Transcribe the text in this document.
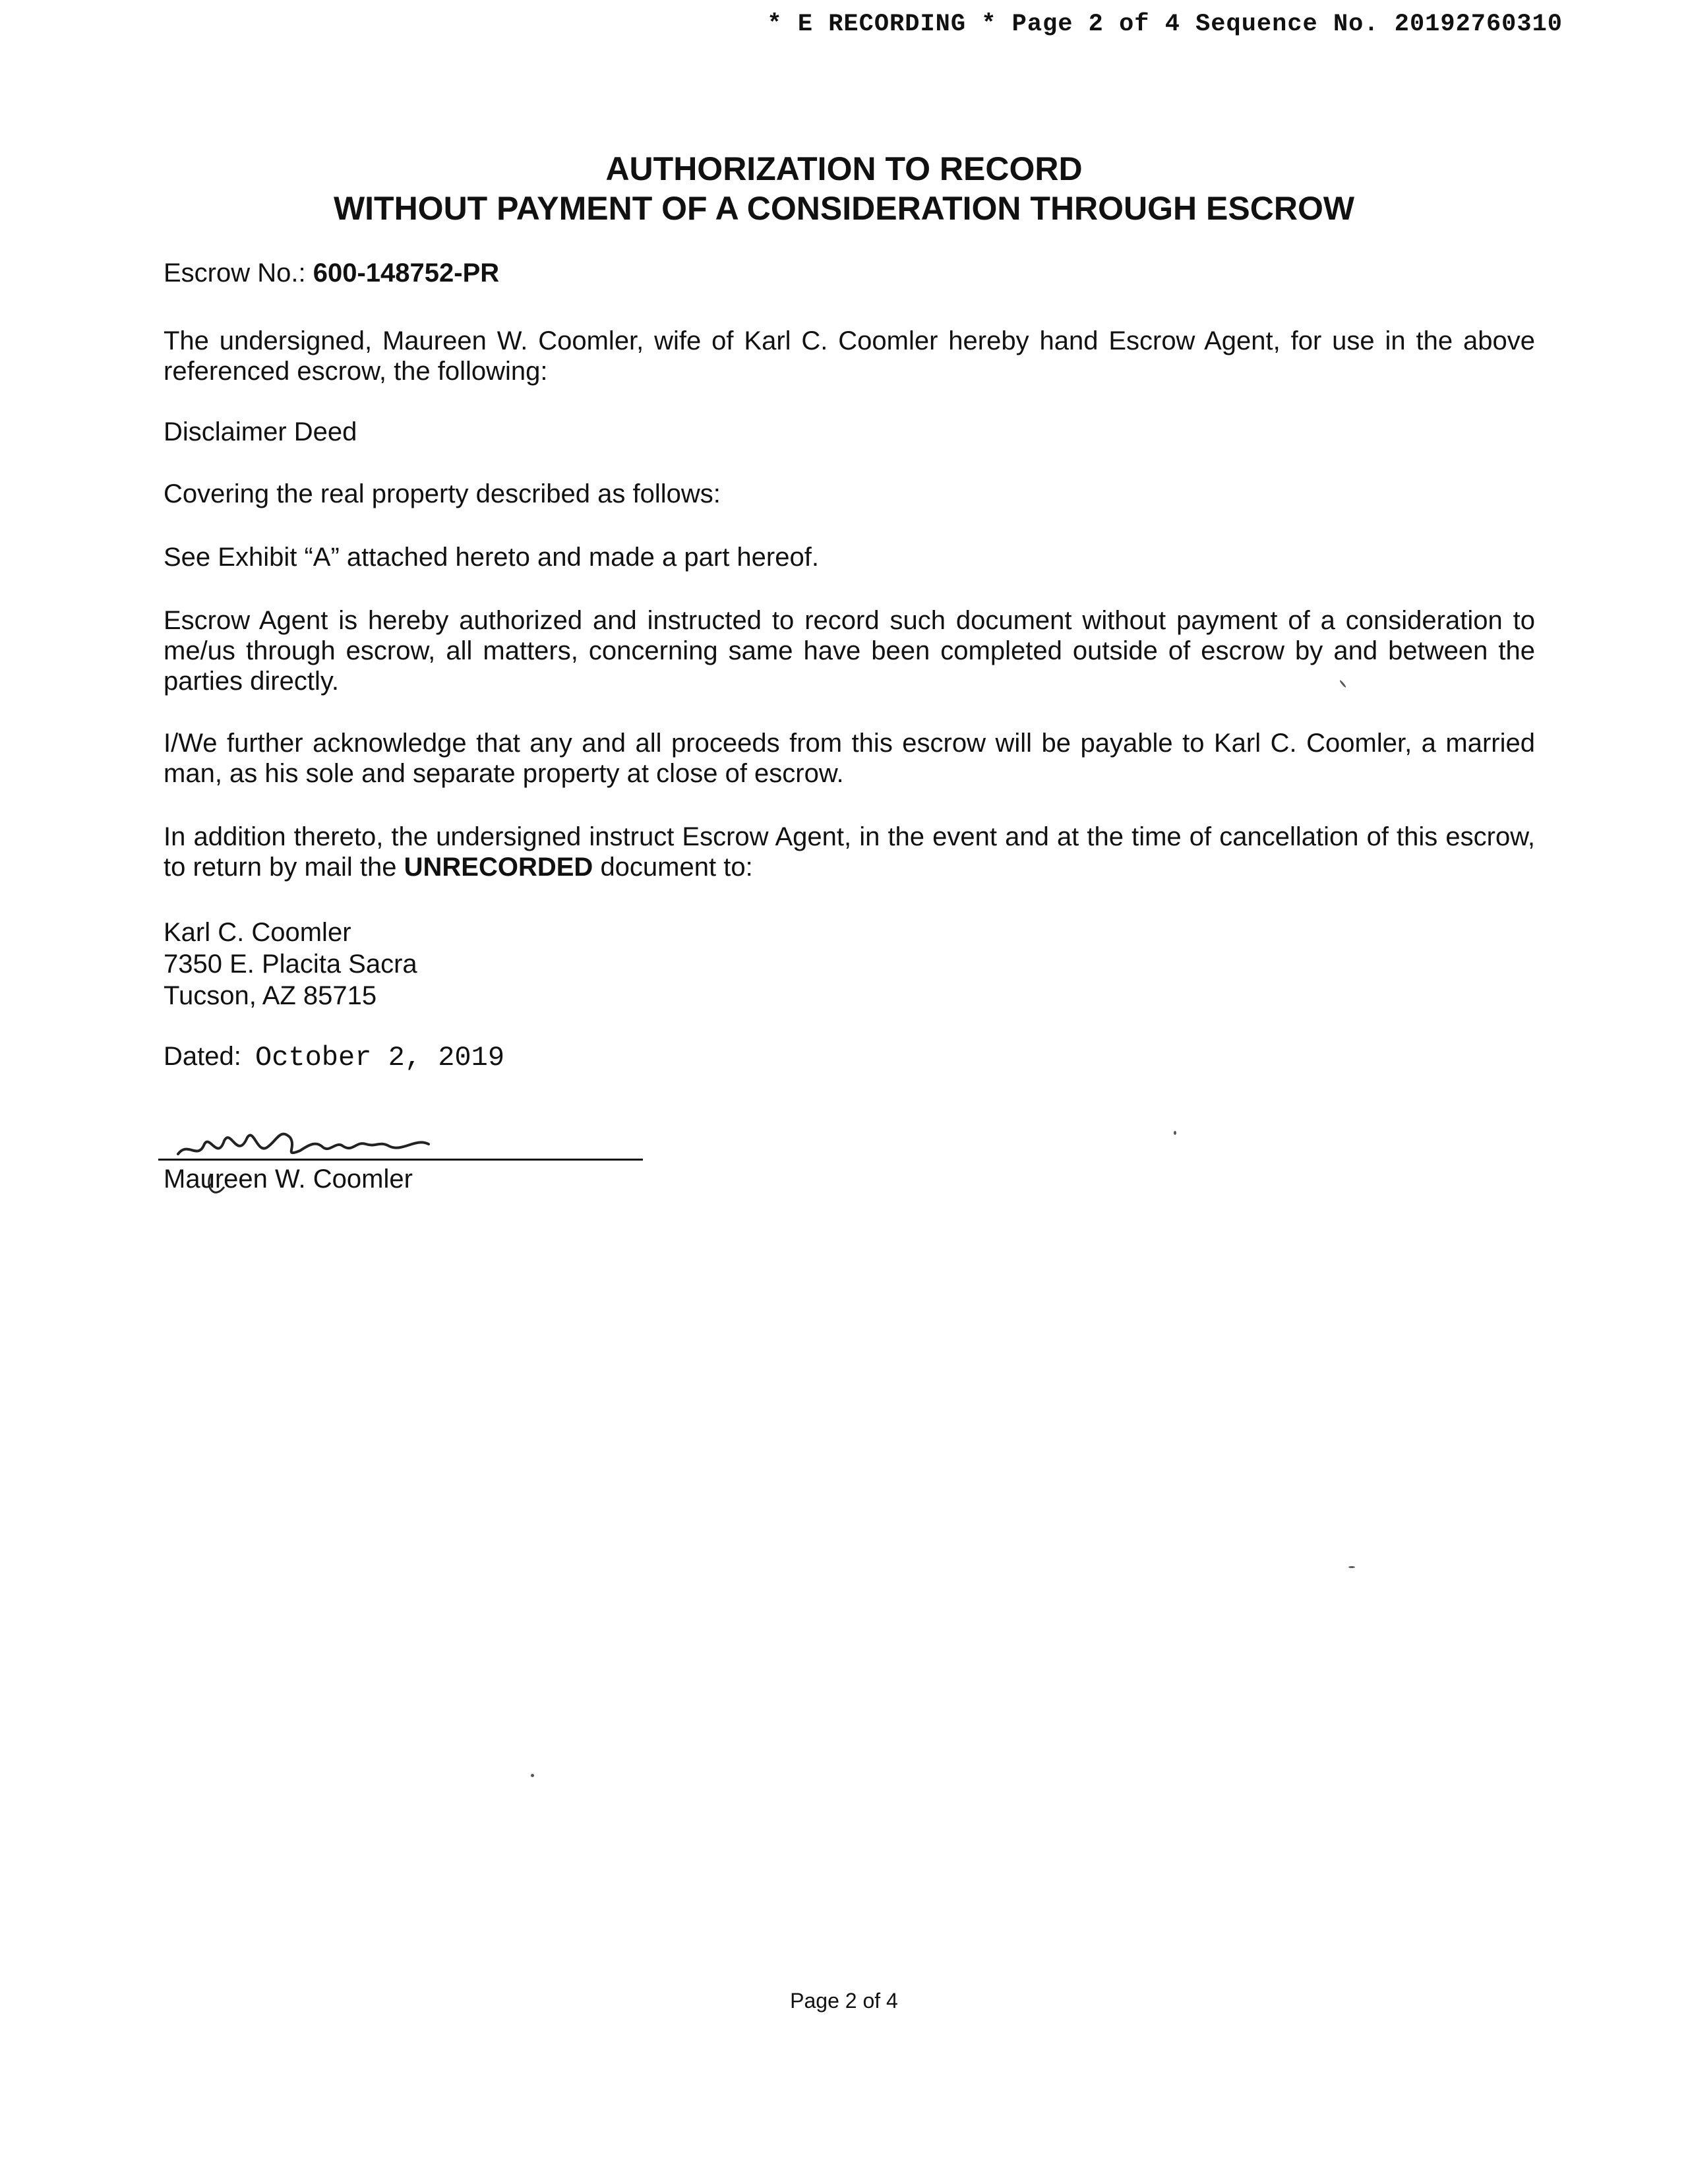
* E RECORDING * Page 2 of 4 Sequence No. 20192760310
AUTHORIZATION TO RECORD
WITHOUT PAYMENT OF A CONSIDERATION THROUGH ESCROW
Escrow No.: 600-148752-PR
The undersigned, Maureen W. Coomler, wife of Karl C. Coomler hereby hand Escrow Agent, for use in the above referenced escrow, the following:
Disclaimer Deed
Covering the real property described as follows:
See Exhibit “A” attached hereto and made a part hereof.
Escrow Agent is hereby authorized and instructed to record such document without payment of a consideration to me/us through escrow, all matters, concerning same have been completed outside of escrow by and between the parties directly.
I/We further acknowledge that any and all proceeds from this escrow will be payable to Karl C. Coomler, a married man, as his sole and separate property at close of escrow.
In addition thereto, the undersigned instruct Escrow Agent, in the event and at the time of cancellation of this escrow, to return by mail the UNRECORDED document to:
Karl C. Coomler
7350 E. Placita Sacra
Tucson, AZ 85715
Dated: October 2, 2019
Maureen W. Coomler
Page 2 of 4
